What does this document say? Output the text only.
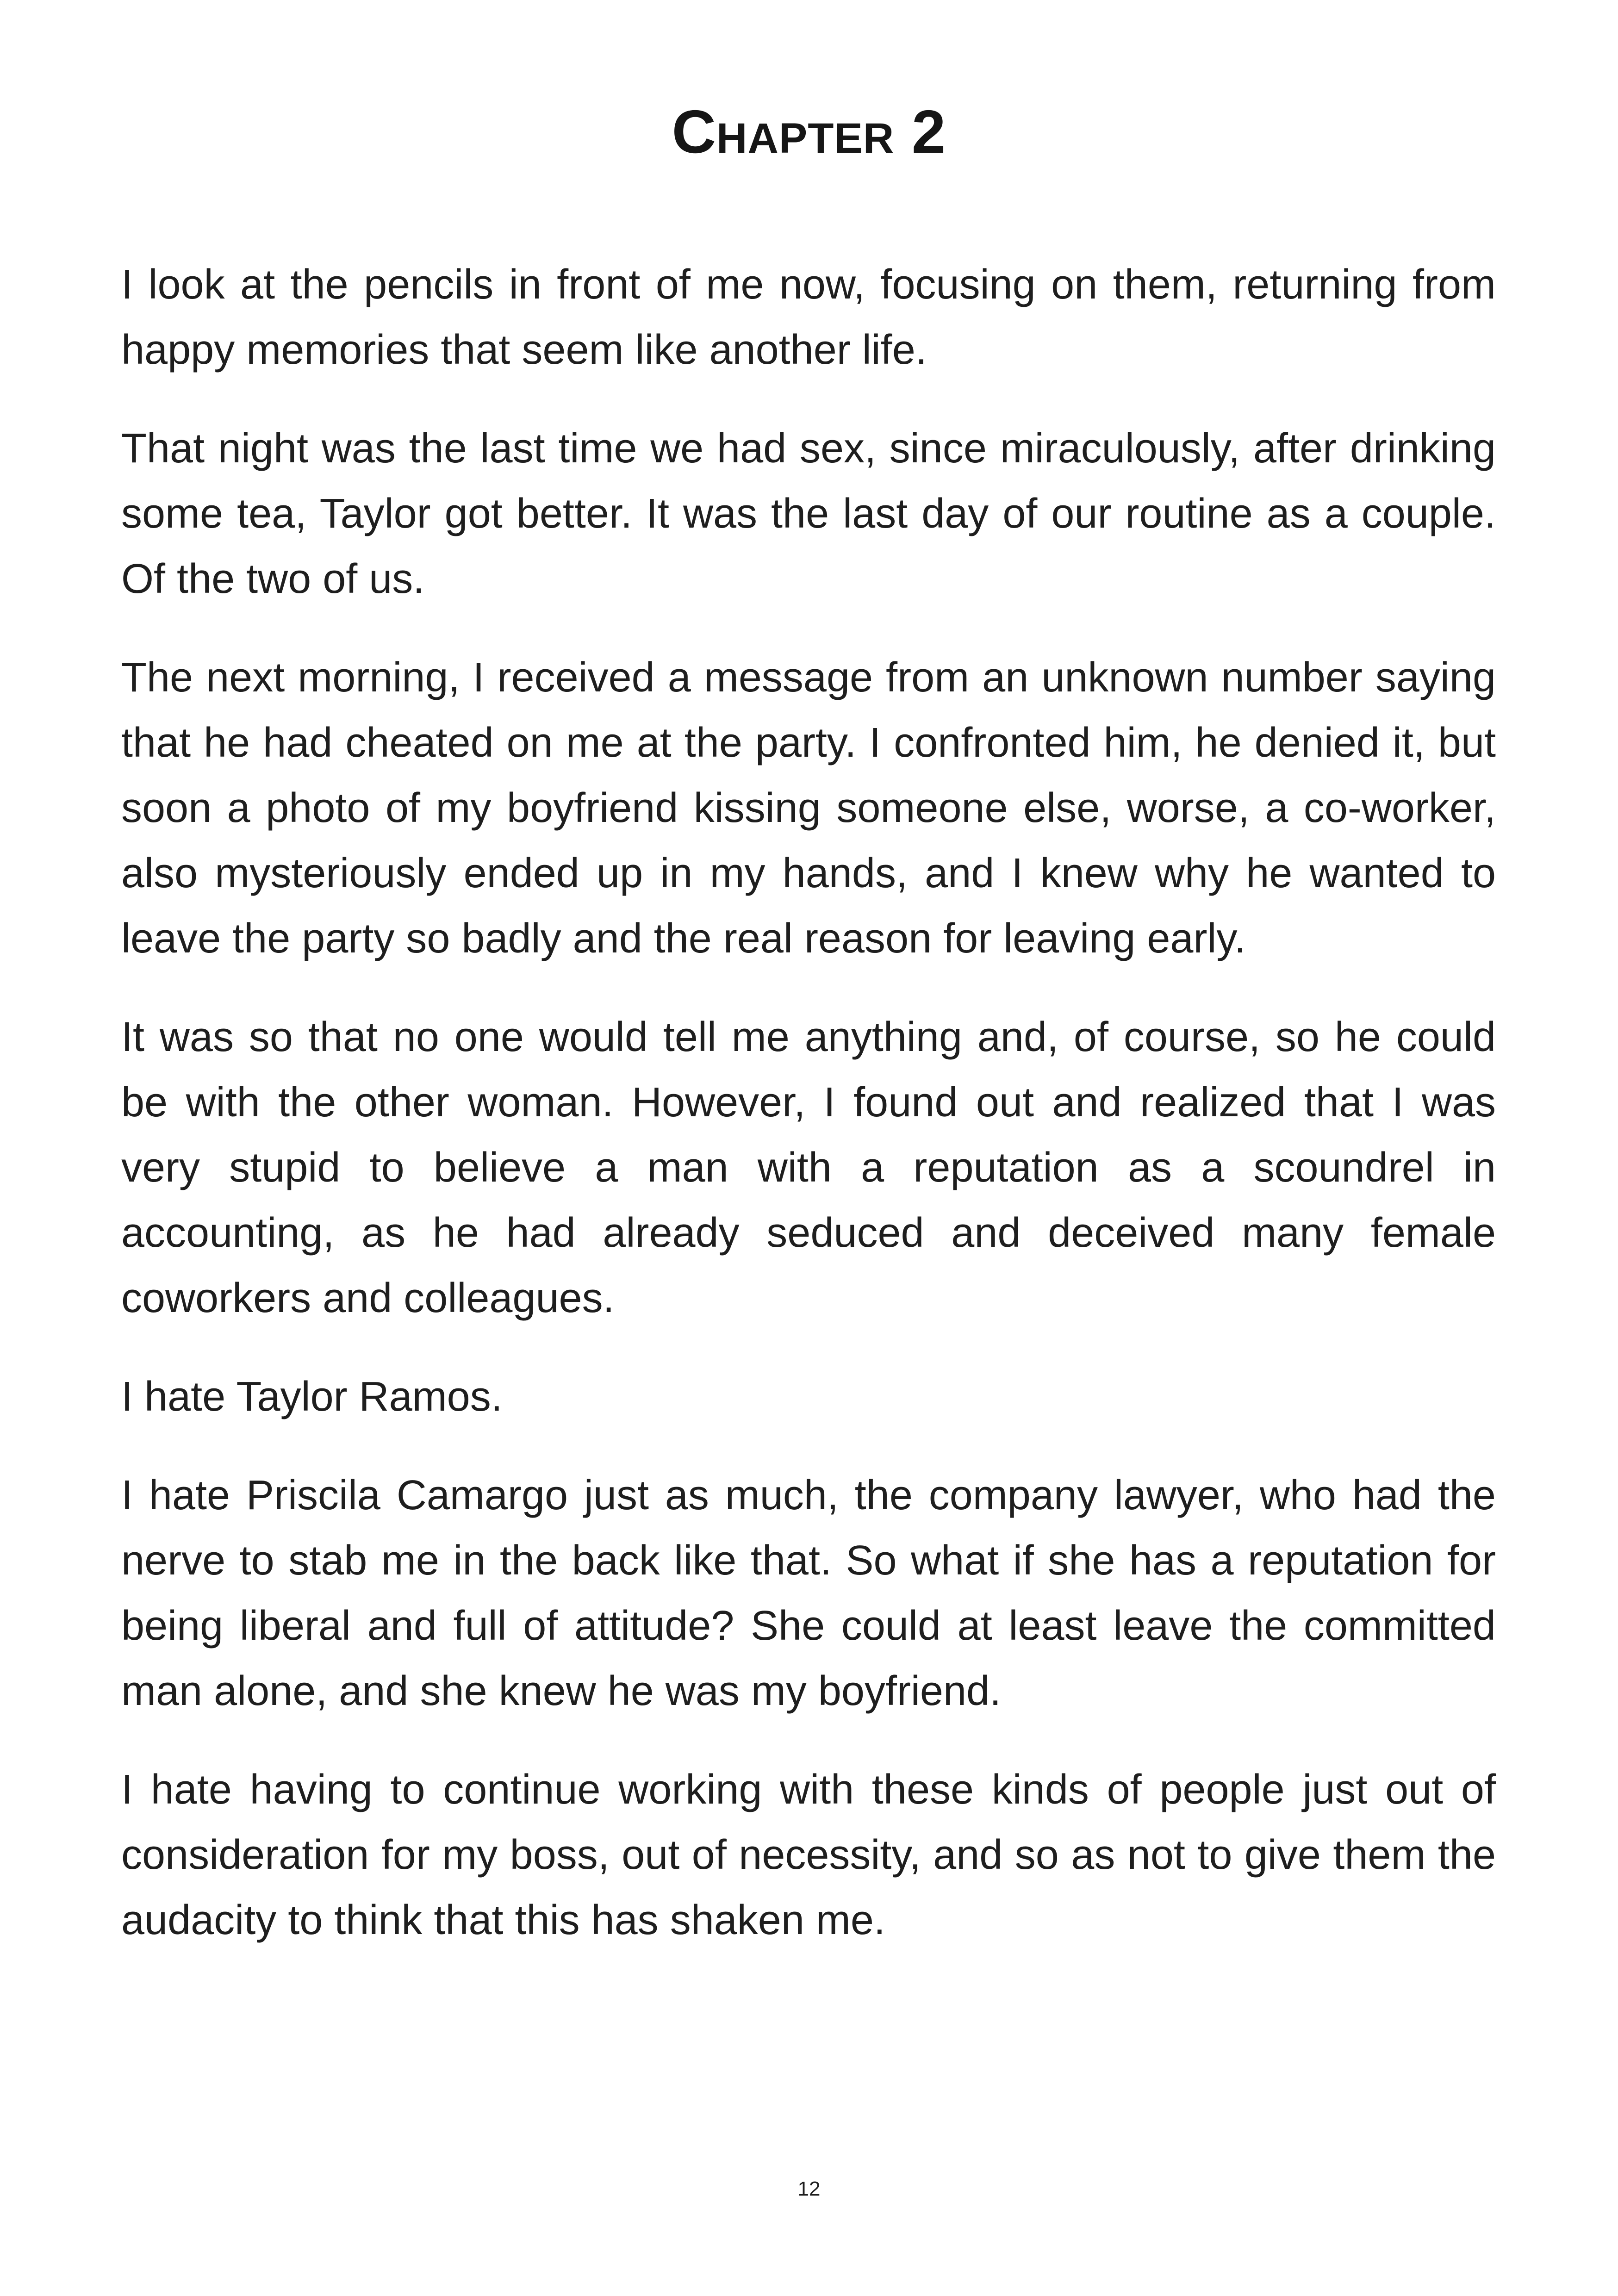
Chapter 2

I look at the pencils in front of me now, focusing on them, returning from happy memories that seem like another life.

That night was the last time we had sex, since miraculously, after drinking some tea, Taylor got better. It was the last day of our routine as a couple. Of the two of us.

The next morning, I received a message from an unknown number saying that he had cheated on me at the party. I confronted him, he denied it, but soon a photo of my boyfriend kissing someone else, worse, a co-worker, also mysteriously ended up in my hands, and I knew why he wanted to leave the party so badly and the real reason for leaving early.

It was so that no one would tell me anything and, of course, so he could be with the other woman. However, I found out and realized that I was very stupid to believe a man with a reputation as a scoundrel in accounting, as he had already seduced and deceived many female coworkers and colleagues.

I hate Taylor Ramos.

I hate Priscila Camargo just as much, the company lawyer, who had the nerve to stab me in the back like that. So what if she has a reputation for being liberal and full of attitude? She could at least leave the committed man alone, and she knew he was my boyfriend.

I hate having to continue working with these kinds of people just out of consideration for my boss, out of necessity, and so as not to give them the audacity to think that this has shaken me.

12
